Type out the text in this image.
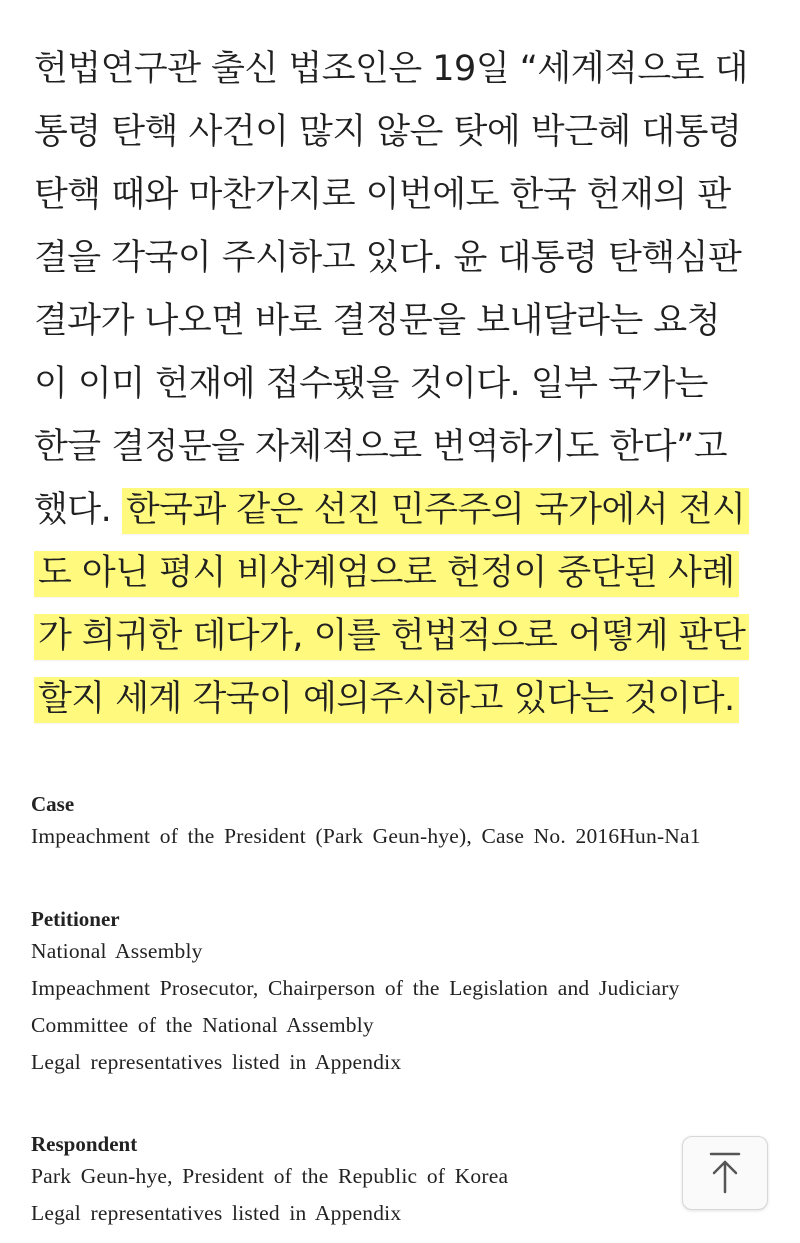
헌법연구관 출신 법조인은 19일 “세계적으로 대
통령 탄핵 사건이 많지 않은 탓에 박근혜 대통령
탄핵 때와 마찬가지로 이번에도 한국 헌재의 판
결을 각국이 주시하고 있다. 윤 대통령 탄핵심판
결과가 나오면 바로 결정문을 보내달라는 요청
이 이미 헌재에 접수됐을 것이다. 일부 국가는
한글 결정문을 자체적으로 번역하기도 한다”고
했다. 한국과 같은 선진 민주주의 국가에서 전시
도 아닌 평시 비상계엄으로 헌정이 중단된 사례
가 희귀한 데다가, 이를 헌법적으로 어떻게 판단
할지 세계 각국이 예의주시하고 있다는 것이다.
Case
Impeachment of the President (Park Geun-hye), Case No. 2016Hun-Na1
Petitioner
National Assembly
Impeachment Prosecutor, Chairperson of the Legislation and Judiciary
Committee of the National Assembly
Legal representatives listed in Appendix
Respondent
Park Geun-hye, President of the Republic of Korea
Legal representatives listed in Appendix
